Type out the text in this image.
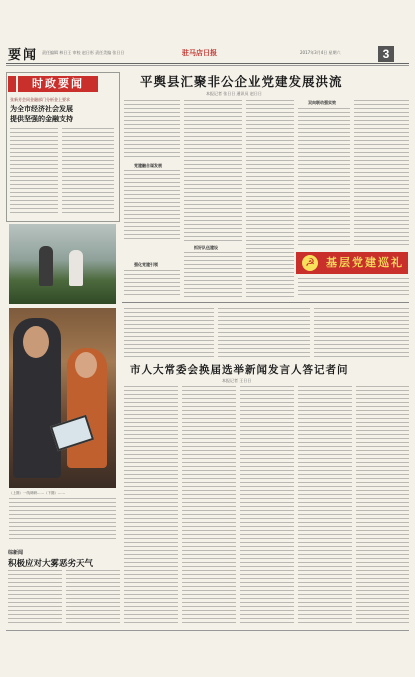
要闻 责任编辑 林日王 审校 赵日彤 责任美编 张日日	驻马店日报	2017年3月4日 星期六	3
时政要闻
张新芳会同金融部门分析金上要求
为全市经济社会发展
提供坚强的金融支持
（上图）一线调研……（下图）……
综新闻
积极应对大雾恶劣天气
平舆县汇聚非公企业党建发展洪流
本报记者 张日日 通讯员 赵日日
党建融合谋发展
抓好队伍建设
双向联动强实效
强化党建引领	基层党建巡礼
☭
市人大常委会换届选举新闻发言人答记者问
本报记者 王日日
